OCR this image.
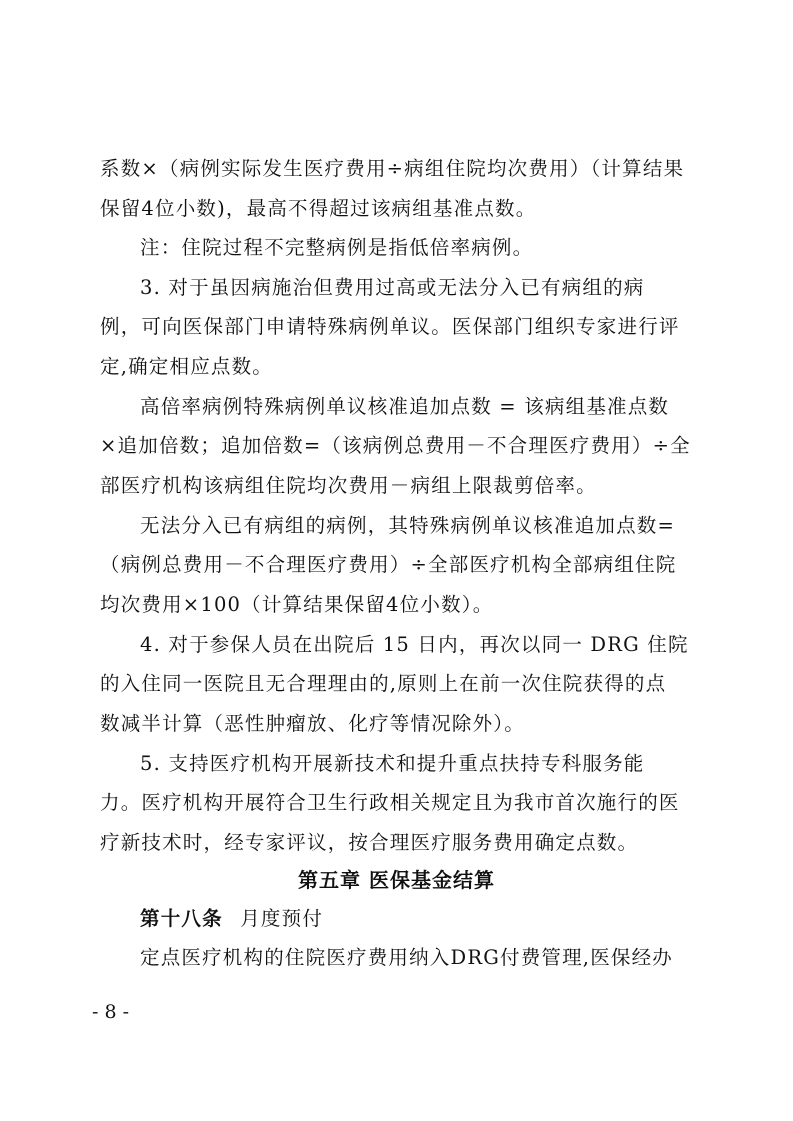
系数×（病例实际发生医疗费用÷病组住院均次费用）（计算结果
保留4位小数)，最高不得超过该病组基准点数。
注：住院过程不完整病例是指低倍率病例。
3. 对于虽因病施治但费用过高或无法分入已有病组的病
例，可向医保部门申请特殊病例单议。医保部门组织专家进行评
定,确定相应点数。
高倍率病例特殊病例单议核准追加点数 = 该病组基准点数
×追加倍数；追加倍数=（该病例总费用－不合理医疗费用）÷全
部医疗机构该病组住院均次费用－病组上限裁剪倍率。
无法分入已有病组的病例，其特殊病例单议核准追加点数=
（病例总费用－不合理医疗费用）÷全部医疗机构全部病组住院
均次费用×100（计算结果保留4位小数）。
4. 对于参保人员在出院后 15 日内，再次以同一 DRG 住院
的入住同一医院且无合理理由的,原则上在前一次住院获得的点
数减半计算（恶性肿瘤放、化疗等情况除外）。
5. 支持医疗机构开展新技术和提升重点扶持专科服务能
力。医疗机构开展符合卫生行政相关规定且为我市首次施行的医
疗新技术时，经专家评议，按合理医疗服务费用确定点数。
第五章 医保基金结算
第十八条 月度预付
定点医疗机构的住院医疗费用纳入DRG付费管理,医保经办
- 8 -
